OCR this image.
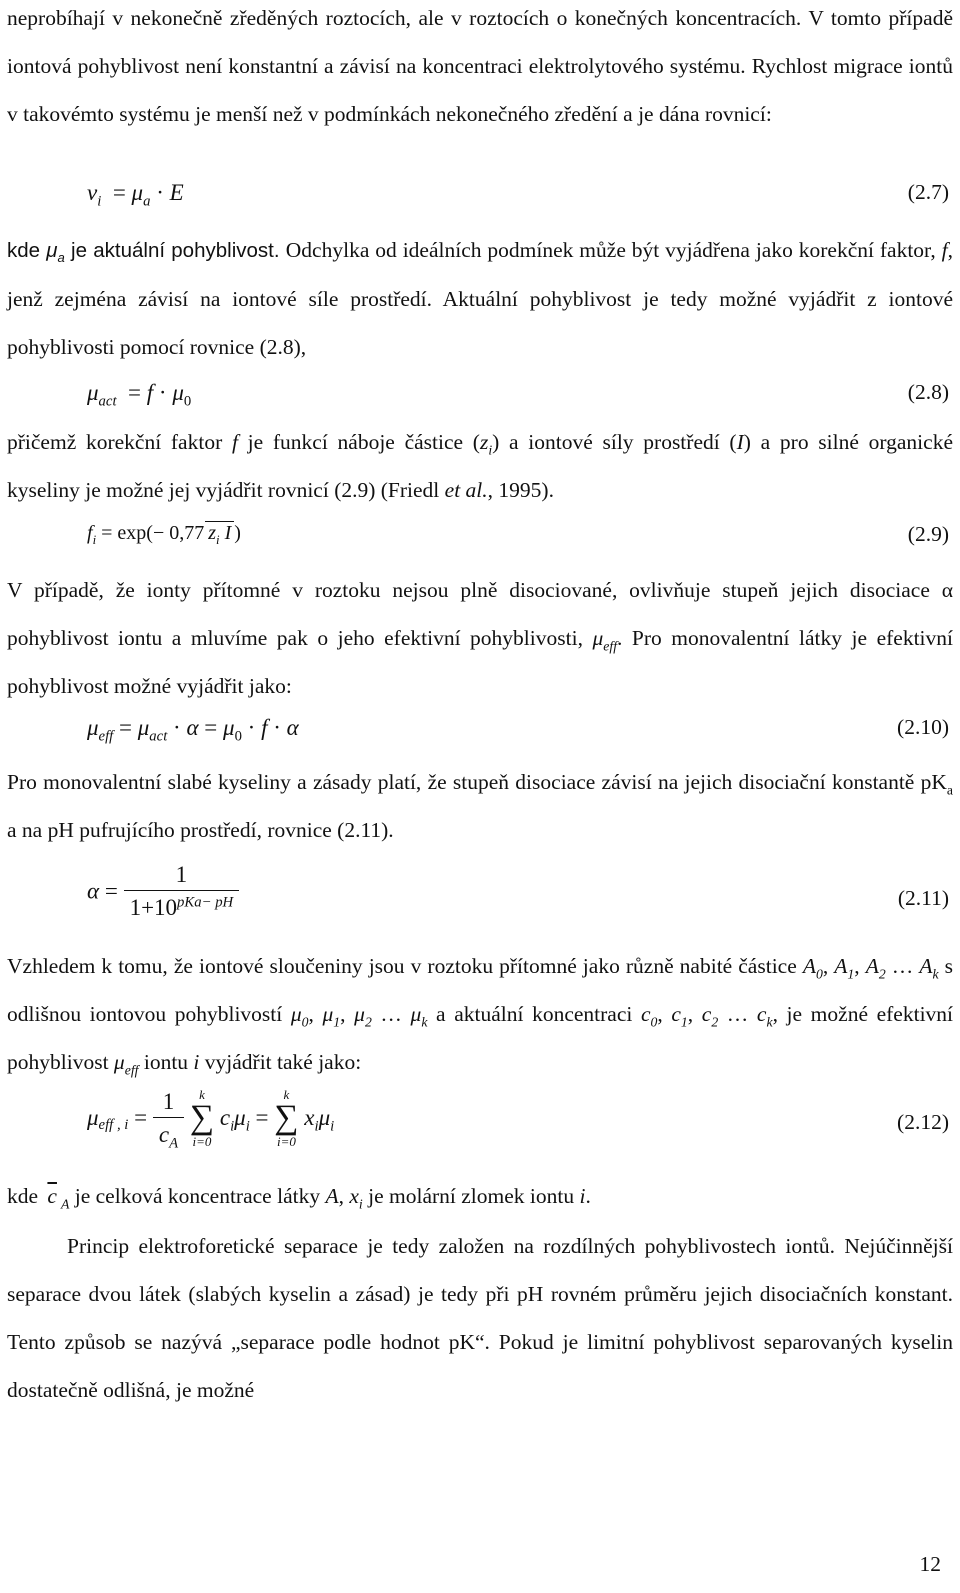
neprobíhají v nekonečně zředěných roztocích, ale v roztocích o konečných koncentracích. V tomto případě iontová pohyblivost není konstantní a závisí na koncentraci elektrolytového systému. Rychlost migrace iontů v takovémto systému je menší než v podmínkách nekonečného zředění a je dána rovnicí:
$\nu_i = \mu_a \cdot E$	(2.7)
kde $\mu_a$ je aktuální pohyblivost. Odchylka od ideálních podmínek může být vyjádřena jako korekční faktor, f, jenž zejména závisí na iontové síle prostředí. Aktuální pohyblivost je tedy možné vyjádřit z iontové pohyblivosti pomocí rovnice (2.8),
$\mu_{act} = f \cdot \mu_0$	(2.8)
přičemž korekční faktor f je funkcí náboje částice $(z_i)$ a iontové síly prostředí (I) a pro silné organické kyseliny je možné jej vyjádřit rovnicí (2.9) (Friedl et al., 1995).
$f_i = \exp(- 0,77$ $z_i$ I )	(2.9)
V případě, že ionty přítomné v roztoku nejsou plně disociované, ovlivňuje stupeň jejich disociace α pohyblivost iontu a mluvíme pak o jeho efektivní pohyblivosti, $\mu_{eff}$. Pro monovalentní látky je efektivní pohyblivost možné vyjádřit jako:
$\mu_{eff} = \mu_{act} \cdot \alpha = \mu_0 \cdot f \cdot \alpha$	(2.10)
Pro monovalentní slabé kyseliny a zásady platí, že stupeň disociace závisí na jejich disociační konstantě $pK_a$ a na pH pufrujícího prostředí, rovnice (2.11).
$\alpha = \frac{1}{1+10^{pKa- pH}}$	(2.11)
Vzhledem k tomu, že iontové sloučeniny jsou v roztoku přítomné jako různě nabité částice $A_0$, $A_1$, $A_2$ … $A_k$ s odlišnou iontovou pohyblivostí $\mu_0$, $\mu_1$, $\mu_2$ … $\mu_k$ a aktuální koncentraci $c_0$, $c_1$, $c_2$ … $c_k$, je možné efektivní pohyblivost $\mu_{eff}$ iontu i vyjádřit také jako:
$\mu_{eff , i} = \frac{1}{c_A}$
	k
∑
i=0
$c_i\mu_i$ =
k
∑
i=0
$x_i\mu_i$	(2.12)
kde $\overline{c}$ $_A$ je celková koncentrace látky A, $x_i$ je molární zlomek iontu i.
Princip elektroforetické separace je tedy založen na rozdílných pohyblivostech iontů. Nejúčinnější separace dvou látek (slabých kyselin a zásad) je tedy při pH rovném průměru jejich disociačních konstant. Tento způsob se nazývá „separace podle hodnot pK“. Pokud je limitní pohyblivost separovaných kyselin dostatečně odlišná, je možné
12
